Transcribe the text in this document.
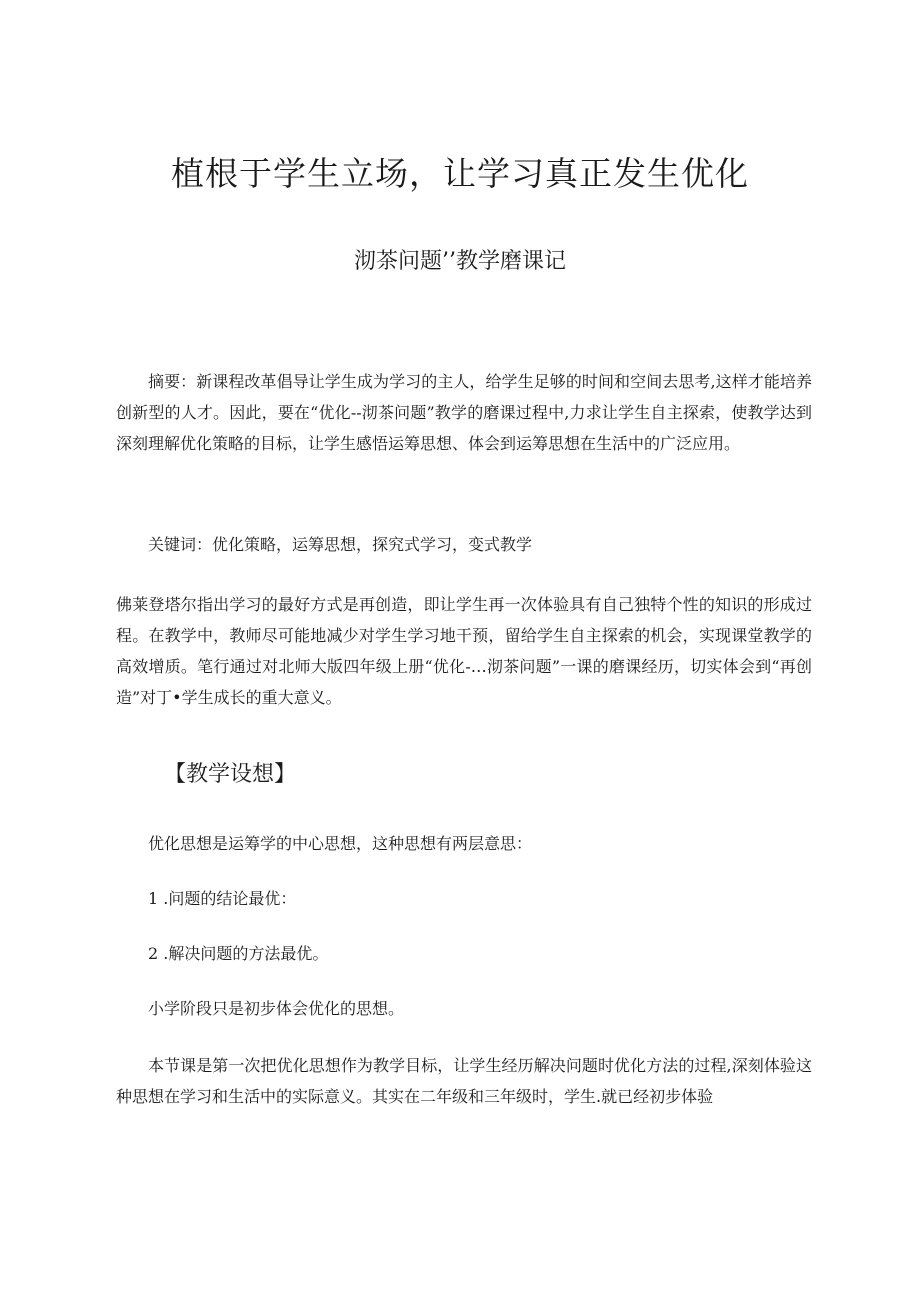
植根于学生立场，让学习真正发生优化
沏茶问题’’教学磨课记

摘要：新课程改革倡导让学生成为学习的主人，给学生足够的时间和空间去思考,这样才能培养创新型的人才。因此，要在“优化--沏茶问题”教学的磨课过程中,力求让学生自主探索，使教学达到深刻理解优化策略的目标，让学生感悟运筹思想、体会到运筹思想在生活中的广泛应用。

关键词：优化策略，运筹思想，探究式学习，变式教学

佛莱登塔尔指出学习的最好方式是再创造，即让学生再一次体验具有自己独特个性的知识的形成过程。在教学中，教师尽可能地减少对学生学习地干预，留给学生自主探索的机会，实现课堂教学的高效增质。笔行通过对北师大版四年级上册“优化-…沏茶问题”一课的磨课经历，切实体会到“再创造”对丁•学生成长的重大意义。

【教学设想】

优化思想是运筹学的中心思想，这种思想有两层意思：

1 .问题的结论最优：

2 .解决问题的方法最优。

小学阶段只是初步体会优化的思想。

本节课是第一次把优化思想作为教学目标，让学生经历解决问题时优化方法的过程,深刻体验这种思想在学习和生活中的实际意义。其实在二年级和三年级时，学生.就已经初步体验
